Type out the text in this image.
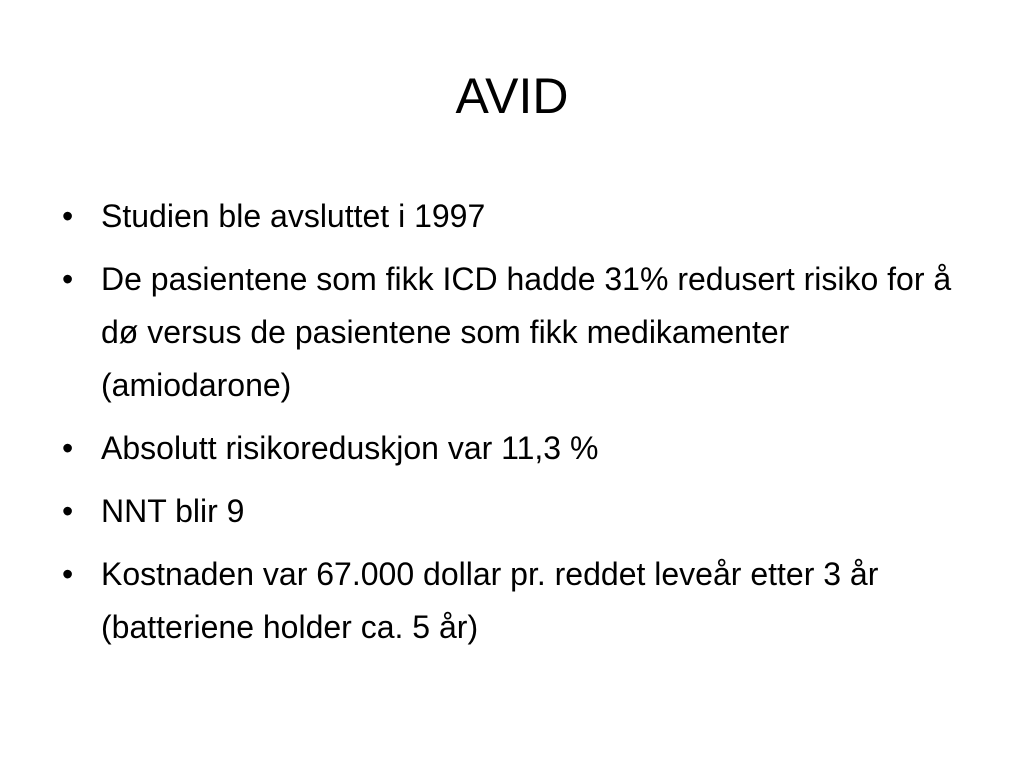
AVID
• Studien ble avsluttet i 1997
• De pasientene som fikk ICD hadde 31% redusert risiko for å dø versus de pasientene som fikk medikamenter (amiodarone)
• Absolutt risikoreduskjon var 11,3 %
• NNT blir 9
• Kostnaden var 67.000 dollar pr. reddet leveår etter 3 år (batteriene holder ca. 5 år)
